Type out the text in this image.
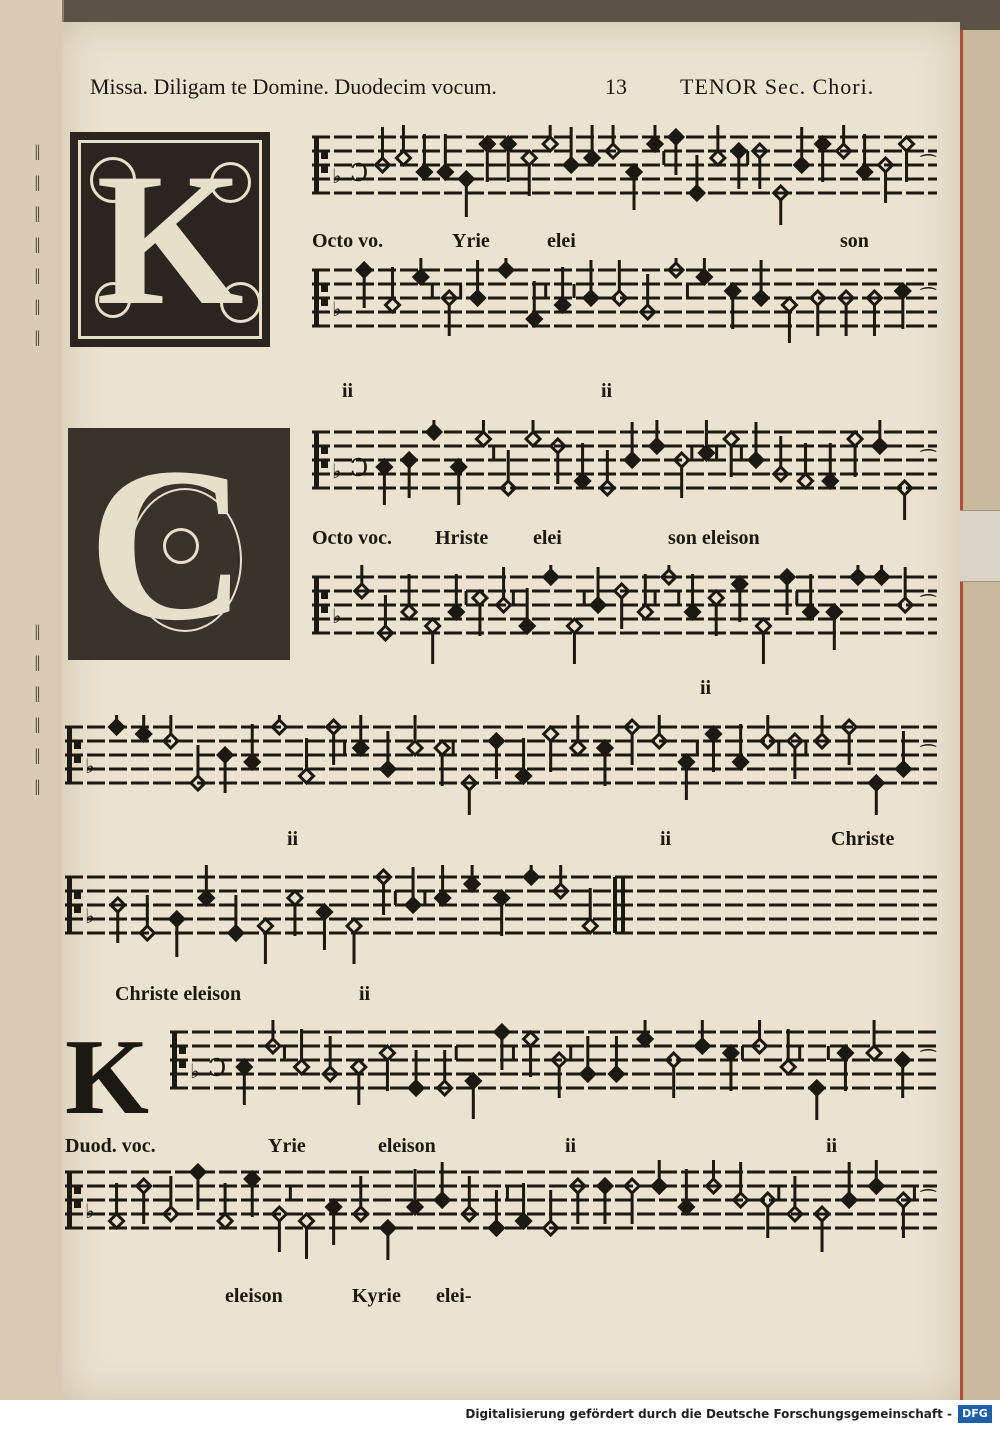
‖‖‖‖‖‖‖
‖‖‖‖‖‖
Missa. Diligam te Domine. Duodecim vocum.	13 TENOR Sec. Chori.
K
C
K
♭ Ɔ	⁀
♭	⁀
♭ Ɔ	⁀
♭	⁀
♭	⁀
♭
♭ Ɔ	⁀
♭	⁀
Octo vo.	Yrie	elei	son
ii	ii
Octo voc. Hriste elei	son eleison
ii
ii	ii	Christe
Christe eleison	ii
Duod. voc.	Yrie	eleison	ii	ii
eleison	Kyrie elei-
Digitalisierung gefördert durch die Deutsche Forschungsgemeinschaft - DFG
